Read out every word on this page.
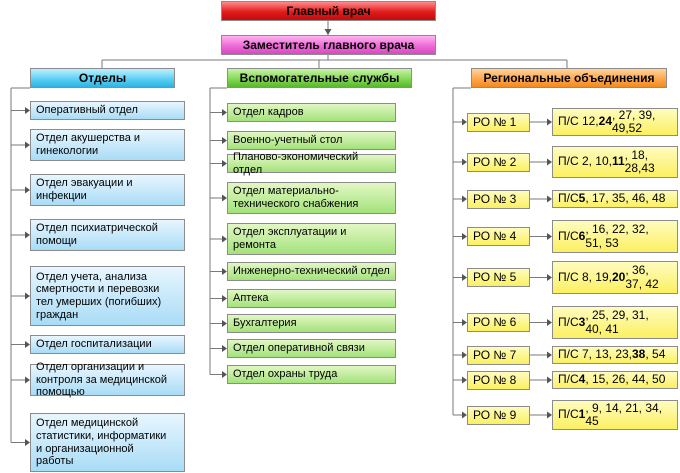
Главный врач
Заместитель главного врача
Отделы	Вспомогательные службы	Региональные объединения
Оперативный отдел
Отдел акушерства и
гинекологии
Отдел эвакуации и
инфекции
Отдел психиатрической
помощи
Отдел учета, анализа
смертности и перевозки
тел умерших (погибших)
граждан
Отдел госпитализации
Отдел организации и
контроля за медицинской
помощью
Отдел медицинской
статистики, информатики
и организационной
работы
Отдел кадров
Военно-учетный стол
Планово-экономический отдел
Отдел материально-
технического снабжения
Отдел эксплуатации и
ремонта
Инженерно-технический отдел
Аптека
Бухгалтерия
Отдел оперативной связи
Отдел охраны труда
РО № 1	П/С 12, 24 , 27, 39,
49,52
РО № 2	П/С 2, 10, 11 , 18,
28,43
РО № 3	П/С 5 , 17, 35, 46, 48
РО № 4	П/С 6 , 16, 22, 32,
51, 53
РО № 5	П/С 8, 19, 20 , 36,
37, 42
РО № 6	П/С 3 , 25, 29, 31,
40, 41
РО № 7	П/С 7, 13, 23, 38 , 54
РО № 8	П/С 4 , 15, 26, 44, 50
РО № 9	П/С 1 , 9, 14, 21, 34,
45
